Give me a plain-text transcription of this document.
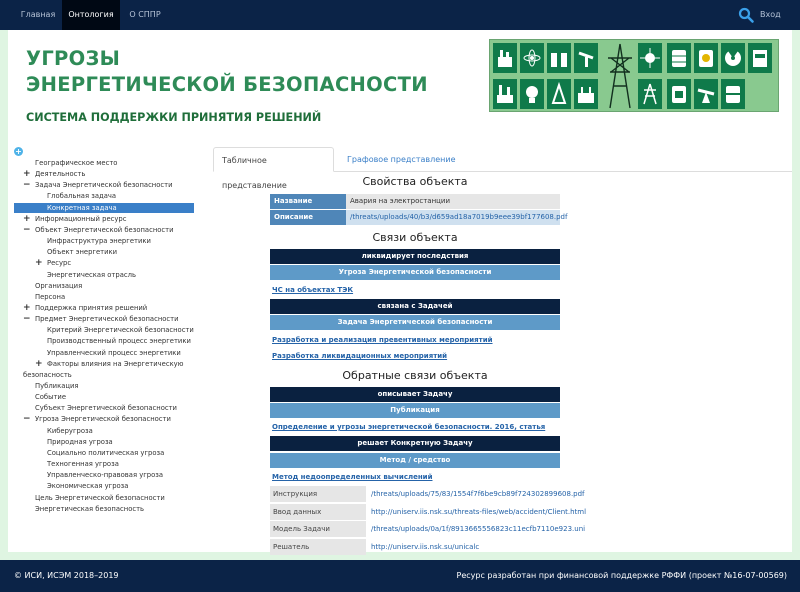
Главная	Онтология	О СППР	Вход
УГРОЗЫ
ЭНЕРГЕТИЧЕСКОЙ БЕЗОПАСНОСТИ
СИСТЕМА ПОДДЕРЖКИ ПРИНЯТИЯ РЕШЕНИЙ
+
Географическое место
+ Деятельность
− Задача Энергетической безопасности
Глобальная задача
Конкретная задача
+ Информационный ресурс
− Объект Энергетической безопасности
Инфраструктура энергетики
Объект энергетики
+ Ресурс
Энергетическая отрасль
Организация
Персона
+ Поддержка принятия решений
− Предмет Энергетической безопасности
Критерий Энергетической безопасности
Производственный процесс энергетики
Управленческий процесс энергетики
+ Факторы влияния на Энергетическую
безопасность
Публикация
Событие
Субъект Энергетической безопасности
− Угроза Энергетической безопасности
Киберугроза
Природная угроза
Социально политическая угроза
Техногенная угроза
Управленческо-правовая угроза
Экономическая угроза
Цель Энергетической безопасности
Энергетическая безопасность
Табличное представление
Графовое представление
Свойства объекта
Название	Авария на электростанции
Описание	/threats/uploads/40/b3/d659ad18a7019b9eee39bf177608.pdf
Связи объекта
ликвидирует последствия
Угроза Энергетической безопасности
ЧС на объектах ТЭК
связана с Задачей
Задача Энергетической безопасности
Разработка и реализация превентивных мероприятий
Разработка ликвидационных мероприятий
Обратные связи объекта
описывает Задачу
Публикация
Определение и угрозы энергетической безопасности. 2016, статья
решает Конкретную Задачу
Метод / средство
Метод недоопределенных вычислений
Инструкция	/threats/uploads/75/83/1554f7f6be9cb89f724302899608.pdf
Ввод данных	http://uniserv.iis.nsk.su/threats-files/web/accident/Client.html
Модель Задачи	/threats/uploads/0a/1f/8913665556823c11ecfb7110e923.uni
Решатель	http://uniserv.iis.nsk.su/unicalc
© ИСИ, ИСЭМ 2018–2019	Ресурс разработан при финансовой поддержке РФФИ (проект №16-07-00569)
